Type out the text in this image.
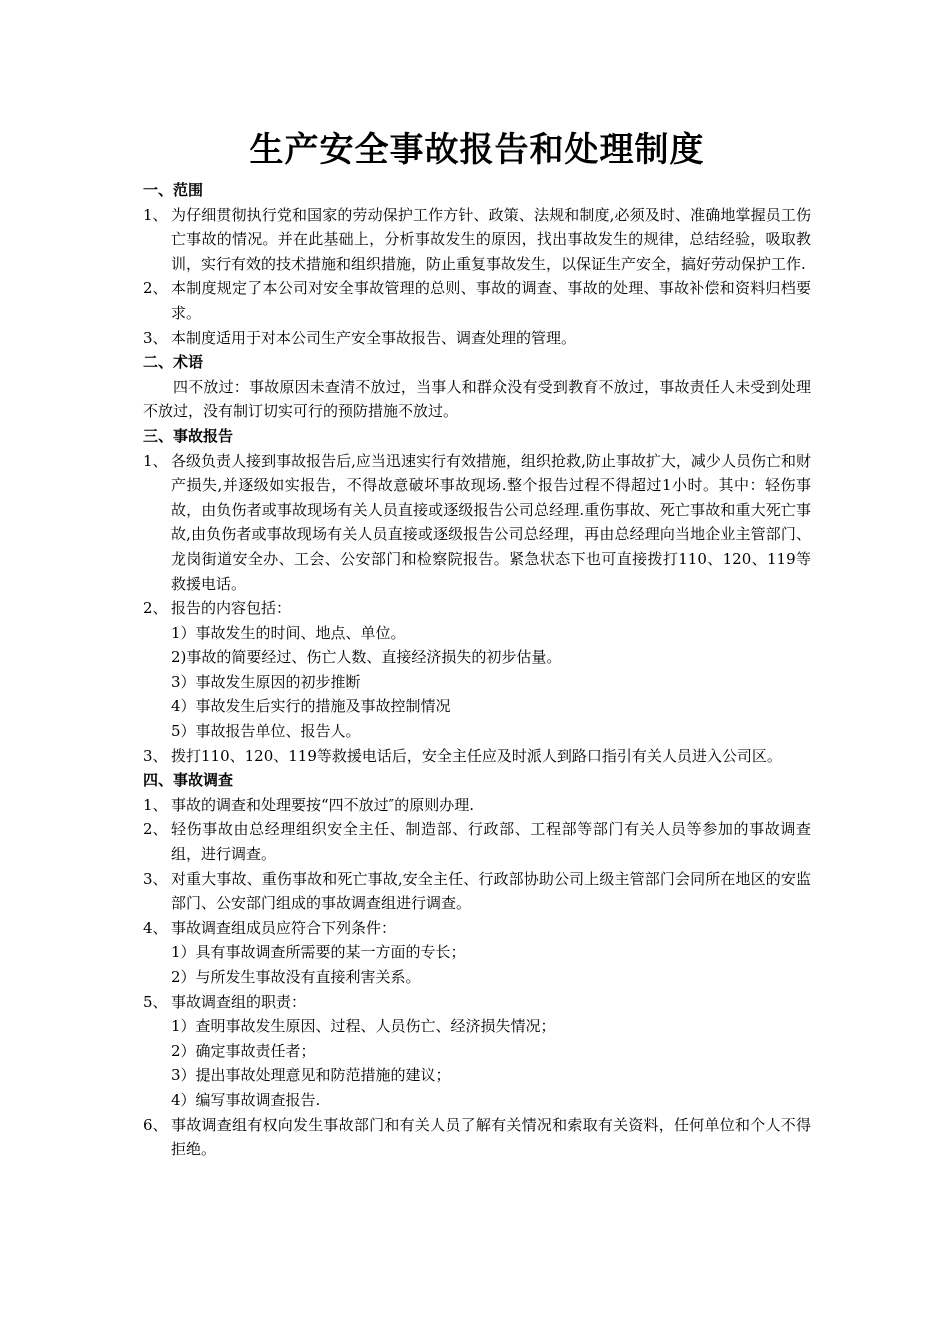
生产安全事故报告和处理制度
一、范围
1、 为仔细贯彻执行党和国家的劳动保护工作方针、政策、法规和制度,必须及时、准确地掌握员工伤亡事故的情况。并在此基础上，分析事故发生的原因，找出事故发生的规律，总结经验，吸取教训，实行有效的技术措施和组织措施，防止重复事故发生，以保证生产安全，搞好劳动保护工作.
2、 本制度规定了本公司对安全事故管理的总则、事故的调查、事故的处理、事故补偿和资料归档要求。
3、 本制度适用于对本公司生产安全事故报告、调查处理的管理。
二、术语

四不放过：事故原因未查清不放过，当事人和群众没有受到教育不放过，事故责任人未受到处理不放过，没有制订切实可行的预防措施不放过。

三、事故报告
1、 各级负责人接到事故报告后,应当迅速实行有效措施，组织抢救,防止事故扩大，减少人员伤亡和财产损失,并逐级如实报告，不得故意破坏事故现场.整个报告过程不得超过1小时。其中：轻伤事故，由负伤者或事故现场有关人员直接或逐级报告公司总经理.重伤事故、死亡事故和重大死亡事故,由负伤者或事故现场有关人员直接或逐级报告公司总经理，再由总经理向当地企业主管部门、龙岗街道安全办、工会、公安部门和检察院报告。紧急状态下也可直接拨打110、120、119等救援电话。
2、 报告的内容包括：
1）事故发生的时间、地点、单位。
2)事故的简要经过、伤亡人数、直接经济损失的初步估量。
3）事故发生原因的初步推断
4）事故发生后实行的措施及事故控制情况
5）事故报告单位、报告人。
3、 拨打110、120、119等救援电话后，安全主任应及时派人到路口指引有关人员进入公司区。
四、事故调查
1、 事故的调查和处理要按“四不放过″的原则办理.
2、 轻伤事故由总经理组织安全主任、制造部、行政部、工程部等部门有关人员等参加的事故调查组，进行调查。
3、 对重大事故、重伤事故和死亡事故,安全主任、行政部协助公司上级主管部门会同所在地区的安监部门、公安部门组成的事故调查组进行调查。
4、 事故调查组成员应符合下列条件：
1）具有事故调查所需要的某一方面的专长；
2）与所发生事故没有直接利害关系。
5、 事故调查组的职责：
1）查明事故发生原因、过程、人员伤亡、经济损失情况；
2）确定事故责任者；
3）提出事故处理意见和防范措施的建议；
4）编写事故调查报告.
6、 事故调查组有权向发生事故部门和有关人员了解有关情况和索取有关资料，任何单位和个人不得拒绝。
